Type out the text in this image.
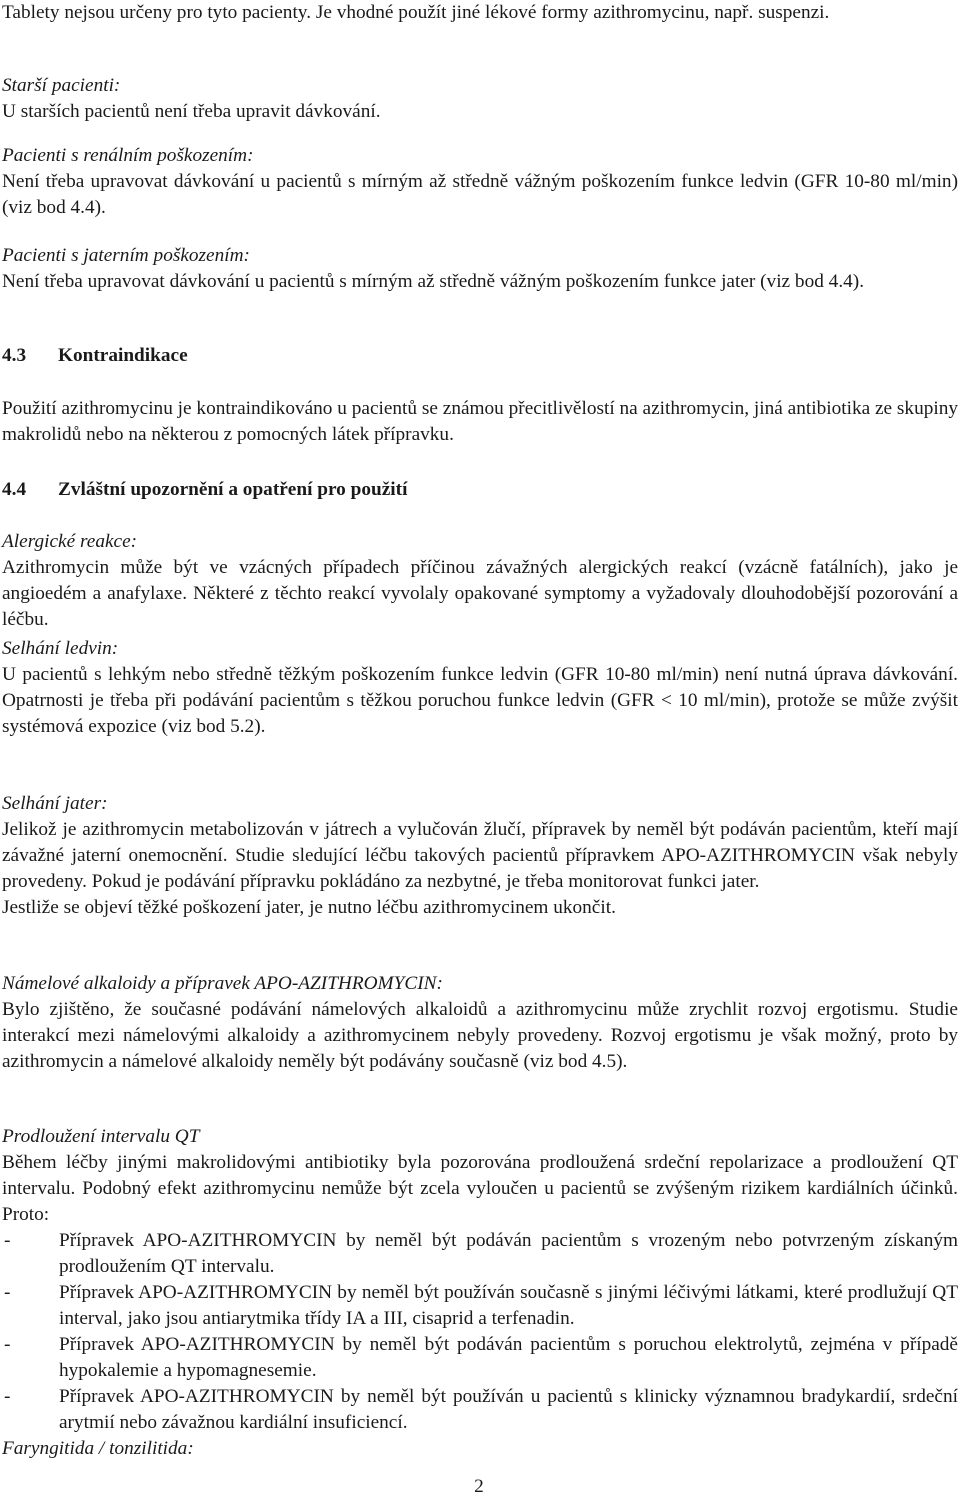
Tablety nejsou určeny pro tyto pacienty. Je vhodné použít jiné lékové formy azithromycinu, např. suspenzi.

Starší pacienti:

U starších pacientů není třeba upravit dávkování.

Pacienti s renálním poškozením:

Není třeba upravovat dávkování u pacientů s mírným až středně vážným poškozením funkce ledvin (GFR 10-80 ml/min) (viz bod 4.4).

Pacienti s jaterním poškozením:

Není třeba upravovat dávkování u pacientů s mírným až středně vážným poškozením funkce jater (viz bod 4.4).

4.3 Kontraindikace

Použití azithromycinu je kontraindikováno u pacientů se známou přecitlivělostí na azithromycin, jiná antibiotika ze skupiny makrolidů nebo na některou z pomocných látek přípravku.

4.4 Zvláštní upozornění a opatření pro použití
Alergické reakce:

Azithromycin může být ve vzácných případech příčinou závažných alergických reakcí (vzácně fatálních), jako je angioedém a anafylaxe. Některé z těchto reakcí vyvolaly opakované symptomy a vyžadovaly dlouhodobější pozorování a léčbu.

Selhání ledvin:

U pacientů s lehkým nebo středně těžkým poškozením funkce ledvin (GFR 10-80 ml/min) není nutná úprava dávkování. Opatrnosti je třeba při podávání pacientům s těžkou poruchou funkce ledvin (GFR < 10 ml/min), protože se může zvýšit systémová expozice (viz bod 5.2).

Selhání jater:

Jelikož je azithromycin metabolizován v játrech a vylučován žlučí, přípravek by neměl být podáván pacientům, kteří mají závažné jaterní onemocnění. Studie sledující léčbu takových pacientů přípravkem APO-AZITHROMYCIN však nebyly provedeny. Pokud je podávání přípravku pokládáno za nezbytné, je třeba monitorovat funkci jater.

Jestliže se objeví těžké poškození jater, je nutno léčbu azithromycinem ukončit.

Námelové alkaloidy a přípravek APO-AZITHROMYCIN:

Bylo zjištěno, že současné podávání námelových alkaloidů a azithromycinu může zrychlit rozvoj ergotismu. Studie interakcí mezi námelovými alkaloidy a azithromycinem nebyly provedeny. Rozvoj ergotismu je však možný, proto by azithromycin a námelové alkaloidy neměly být podávány současně (viz bod 4.5).

Prodloužení intervalu QT

Během léčby jinými makrolidovými antibiotiky byla pozorována prodloužená srdeční repolarizace a prodloužení QT intervalu. Podobný efekt azithromycinu nemůže být zcela vyloučen u pacientů se zvýšeným rizikem kardiálních účinků. Proto:

-	Přípravek APO-AZITHROMYCIN by neměl být podáván pacientům s vrozeným nebo potvrzeným získaným prodloužením QT intervalu.
-	Přípravek APO-AZITHROMYCIN by neměl být používán současně s jinými léčivými látkami, které prodlužují QT interval, jako jsou antiarytmika třídy IA a III, cisaprid a terfenadin.
-	Přípravek APO-AZITHROMYCIN by neměl být podáván pacientům s poruchou elektrolytů, zejména v případě hypokalemie a hypomagnesemie.
-	Přípravek APO-AZITHROMYCIN by neměl být používán u pacientů s klinicky významnou bradykardií, srdeční arytmií nebo závažnou kardiální insuficiencí.
Faryngitida / tonzilitida:
2
